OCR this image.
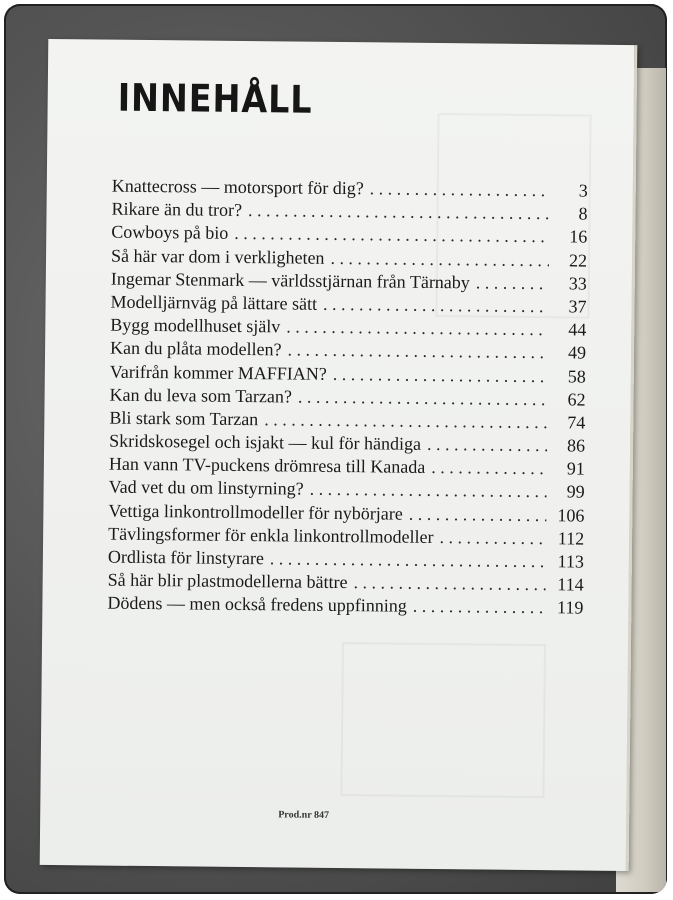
INNEHÅLL
Knattecross — motorsport för dig? . . .	3
Rikare än du tror? . . .	8
Cowboys på bio . . .	16
Så här var dom i verkligheten . . .	22
Ingemar Stenmark — världsstjärnan från Tärnaby . . .	33
Modelljärnväg på lättare sätt . . .	37
Bygg modellhuset själv . . .	44
Kan du plåta modellen? . . .	49
Varifrån kommer MAFFIAN? . . .	58
Kan du leva som Tarzan? . . .	62
Bli stark som Tarzan . . .	74
Skridskosegel och isjakt — kul för händiga . . .	86
Han vann TV-puckens drömresa till Kanada . . .	91
Vad vet du om linstyrning? . . .	99
Vettiga linkontrollmodeller för nybörjare . . .	106
Tävlingsformer för enkla linkontrollmodeller . . .	112
Ordlista för linstyrare . . .	113
Så här blir plastmodellerna bättre . . .	114
Dödens — men också fredens uppfinning . . .	119
Prod.nr 847
